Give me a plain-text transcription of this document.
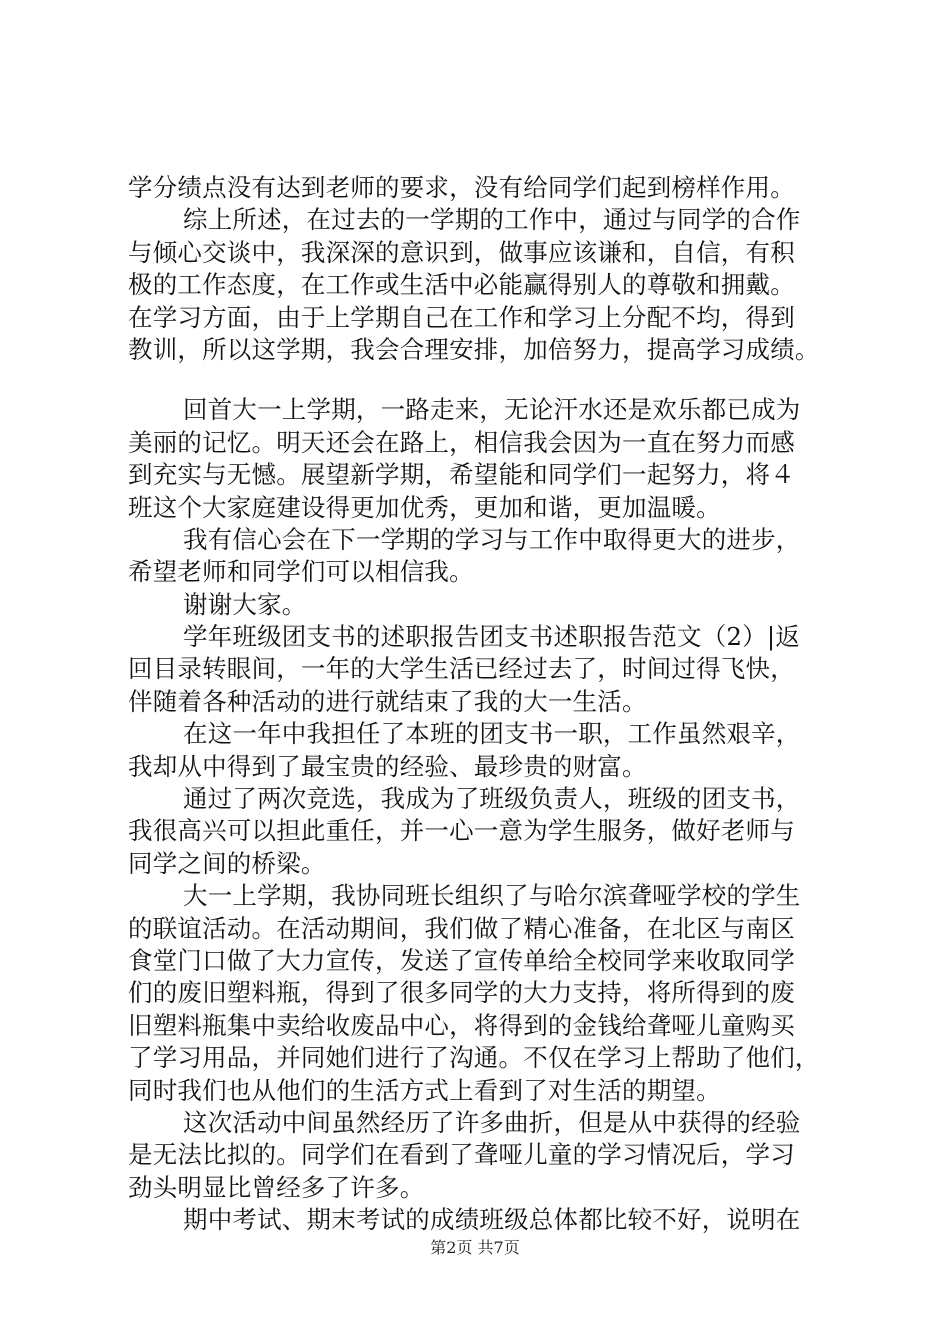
学分绩点没有达到老师的要求，没有给同学们起到榜样作用。
综上所述，在过去的一学期的工作中，通过与同学的合作
与倾心交谈中，我深深的意识到，做事应该谦和，自信，有积
极的工作态度，在工作或生活中必能赢得别人的尊敬和拥戴。
在学习方面，由于上学期自己在工作和学习上分配不均，得到
教训，所以这学期，我会合理安排，加倍努力，提高学习成绩。
回首大一上学期，一路走来，无论汗水还是欢乐都已成为
美丽的记忆。明天还会在路上，相信我会因为一直在努力而感
到充实与无憾。展望新学期，希望能和同学们一起努力，将４
班这个大家庭建设得更加优秀，更加和谐，更加温暖。
我有信心会在下一学期的学习与工作中取得更大的进步，
希望老师和同学们可以相信我。
谢谢大家。
学年班级团支书的述职报告团支书述职报告范文（2）|返
回目录转眼间，一年的大学生活已经过去了，时间过得飞快，
伴随着各种活动的进行就结束了我的大一生活。
在这一年中我担任了本班的团支书一职，工作虽然艰辛，
我却从中得到了最宝贵的经验、最珍贵的财富。
通过了两次竞选，我成为了班级负责人，班级的团支书，
我很高兴可以担此重任，并一心一意为学生服务，做好老师与
同学之间的桥梁。
大一上学期，我协同班长组织了与哈尔滨聋哑学校的学生
的联谊活动。在活动期间，我们做了精心准备，在北区与南区
食堂门口做了大力宣传，发送了宣传单给全校同学来收取同学
们的废旧塑料瓶，得到了很多同学的大力支持，将所得到的废
旧塑料瓶集中卖给收废品中心，将得到的金钱给聋哑儿童购买
了学习用品，并同她们进行了沟通。不仅在学习上帮助了他们，
同时我们也从他们的生活方式上看到了对生活的期望。
这次活动中间虽然经历了许多曲折，但是从中获得的经验
是无法比拟的。同学们在看到了聋哑儿童的学习情况后，学习
劲头明显比曾经多了许多。
期中考试、期末考试的成绩班级总体都比较不好，说明在
第2页 共7页
